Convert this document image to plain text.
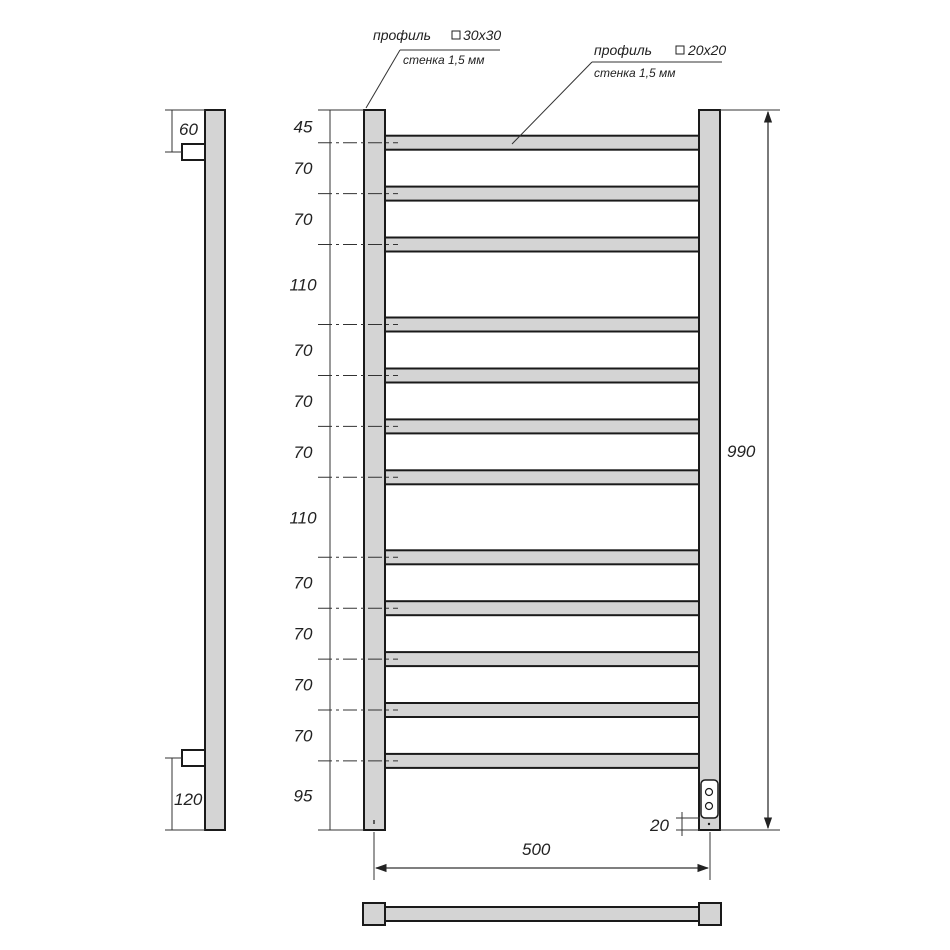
60
120
45
70
70
110
70
70
70
110
70
70
70
70
95
990
20
500
профиль 30x30
стенка 1,5 мм
профиль	20x20
стенка 1,5 мм
